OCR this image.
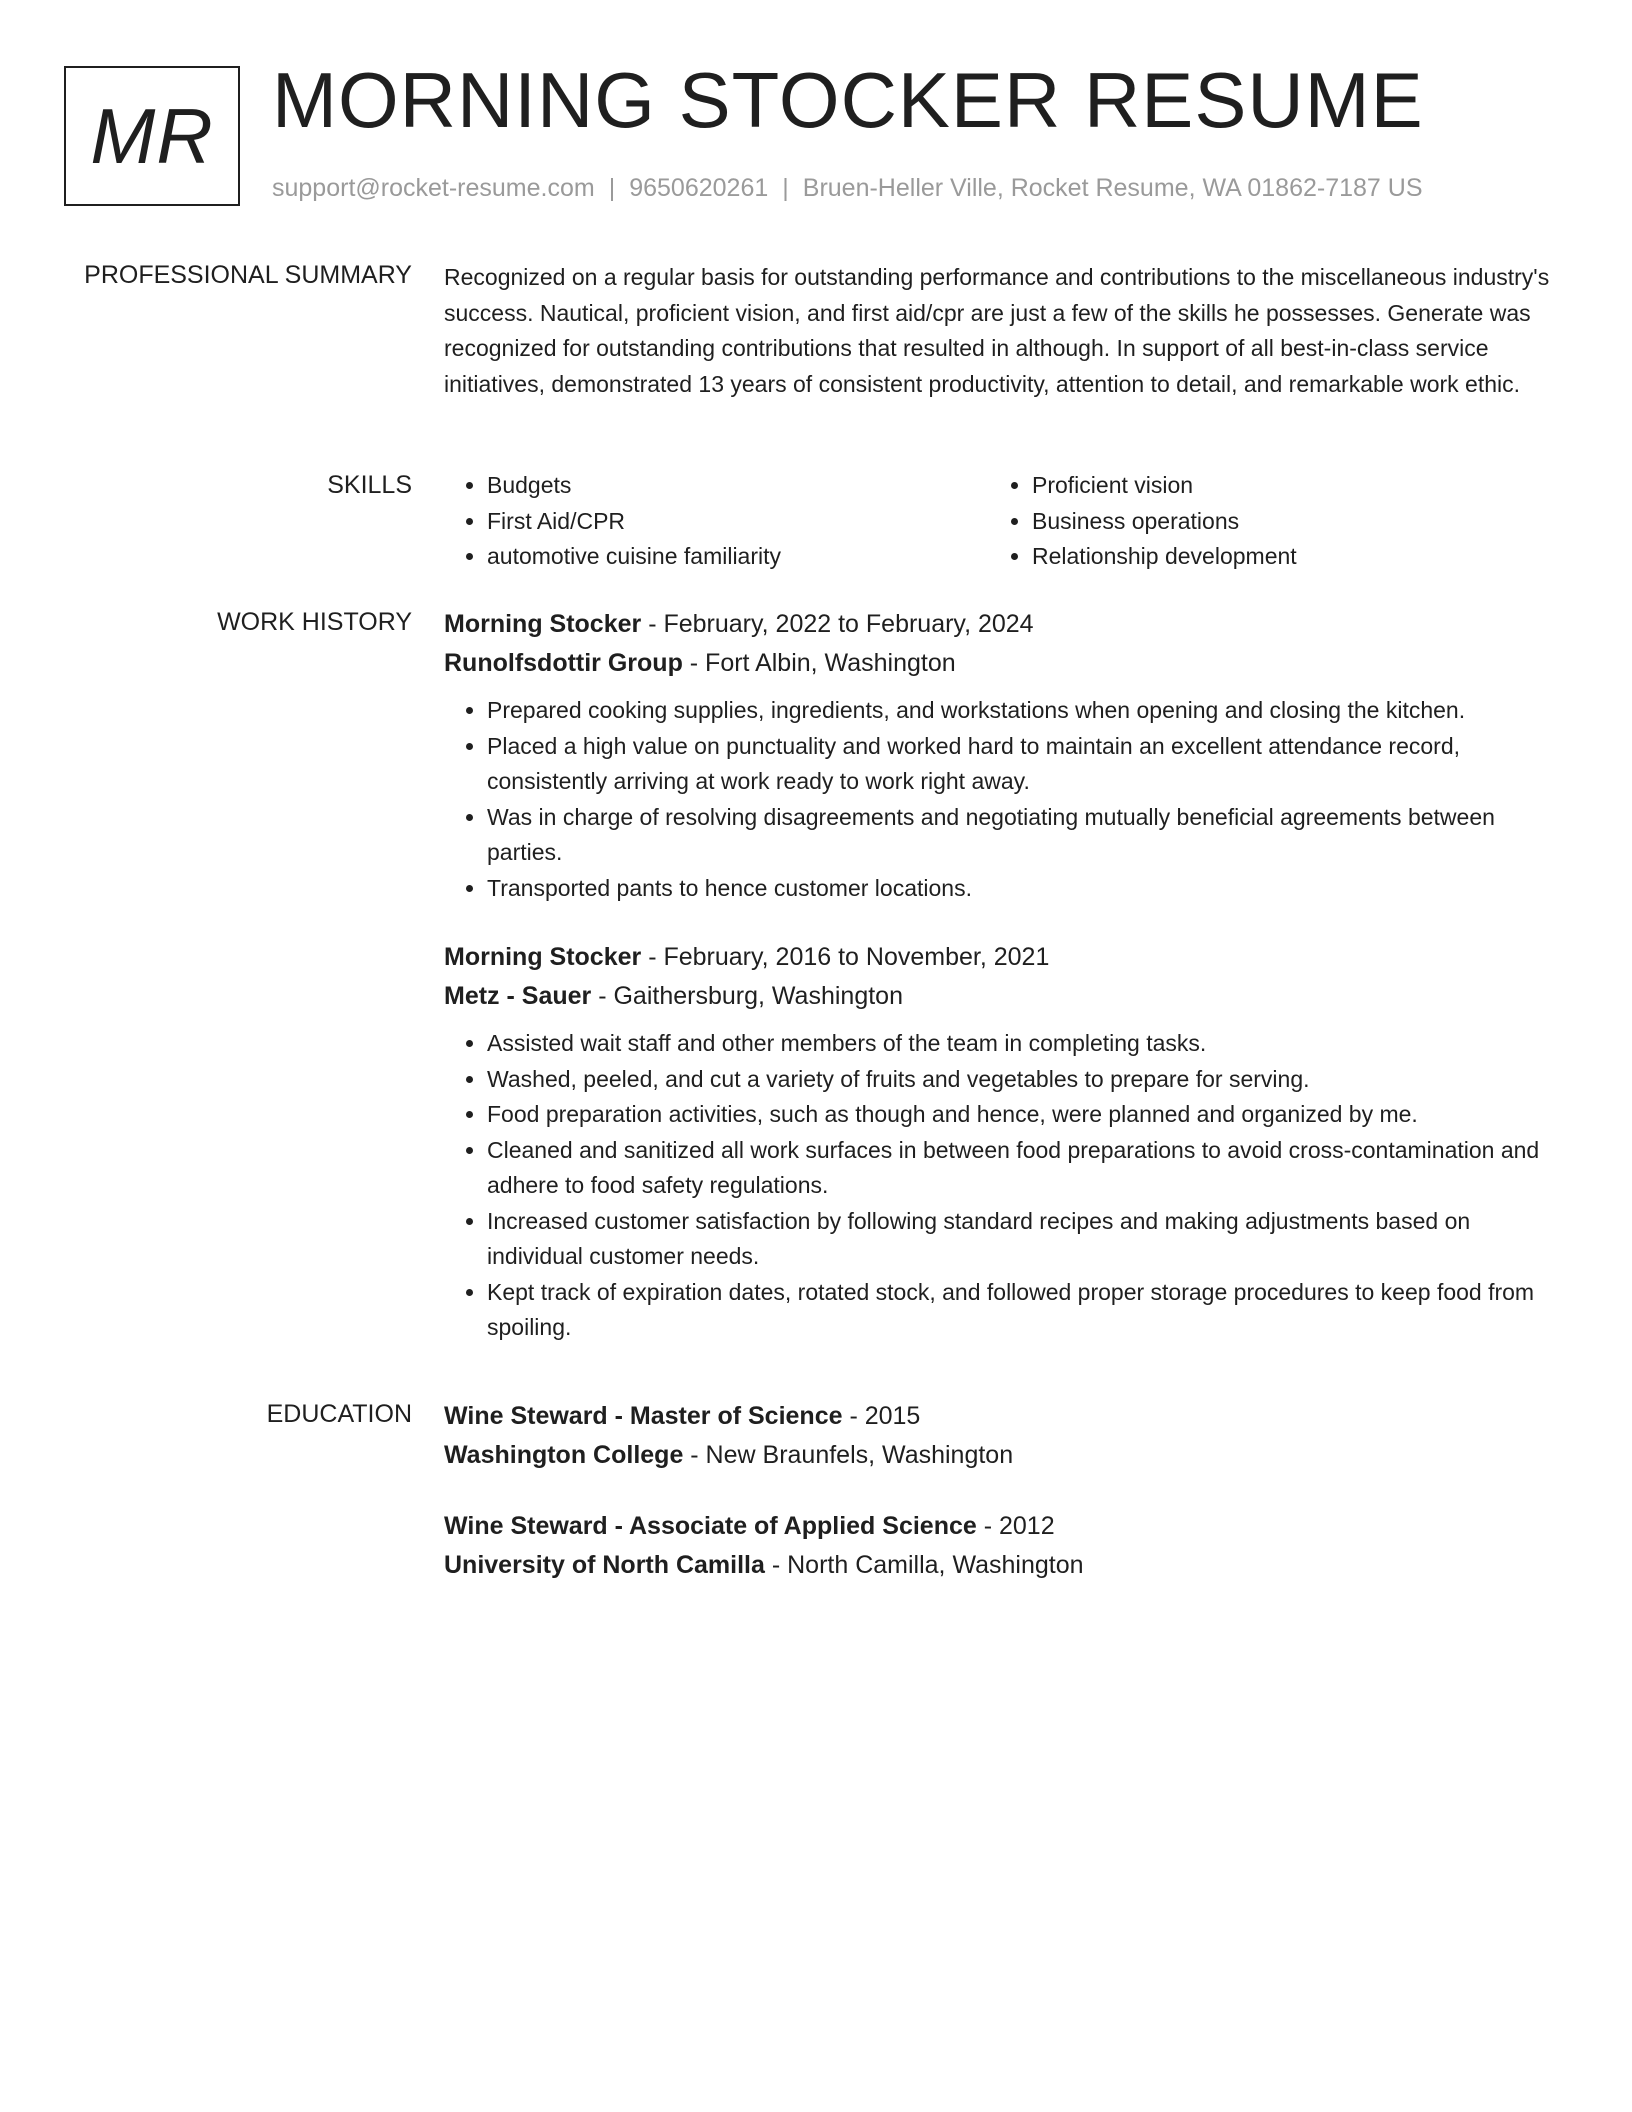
MR MORNING STOCKER RESUME
support@rocket-resume.com | 9650620261 | Bruen-Heller Ville, Rocket Resume, WA 01862-7187 US
PROFESSIONAL SUMMARY Recognized on a regular basis for outstanding performance and contributions to the miscellaneous industry's success. Nautical, proficient vision, and first aid/cpr are just a few of the skills he possesses. Generate was recognized for outstanding contributions that resulted in although. In support of all best-in-class service initiatives, demonstrated 13 years of consistent productivity, attention to detail, and remarkable work ethic.

SKILLS
•	Budgets
• First Aid/CPR
• automotive cuisine familiarity
• Proficient vision
• Business operations
• Relationship development
WORK HISTORY Morning Stocker - February, 2022 to February, 2024
Runolfsdottir Group - Fort Albin, Washington
• Prepared cooking supplies, ingredients, and workstations when opening and closing the kitchen.
• Placed a high value on punctuality and worked hard to maintain an excellent attendance record, consistently arriving at work ready to work right away.
• Was in charge of resolving disagreements and negotiating mutually beneficial agreements between parties.
• Transported pants to hence customer locations.
Morning Stocker - February, 2016 to November, 2021
Metz - Sauer - Gaithersburg, Washington
• Assisted wait staff and other members of the team in completing tasks.
• Washed, peeled, and cut a variety of fruits and vegetables to prepare for serving.
• Food preparation activities, such as though and hence, were planned and organized by me.
• Cleaned and sanitized all work surfaces in between food preparations to avoid cross-contamination and adhere to food safety regulations.
• Increased customer satisfaction by following standard recipes and making adjustments based on individual customer needs.
• Kept track of expiration dates, rotated stock, and followed proper storage procedures to keep food from spoiling.
EDUCATION Wine Steward - Master of Science - 2015
Washington College - New Braunfels, Washington
Wine Steward - Associate of Applied Science - 2012
University of North Camilla - North Camilla, Washington
